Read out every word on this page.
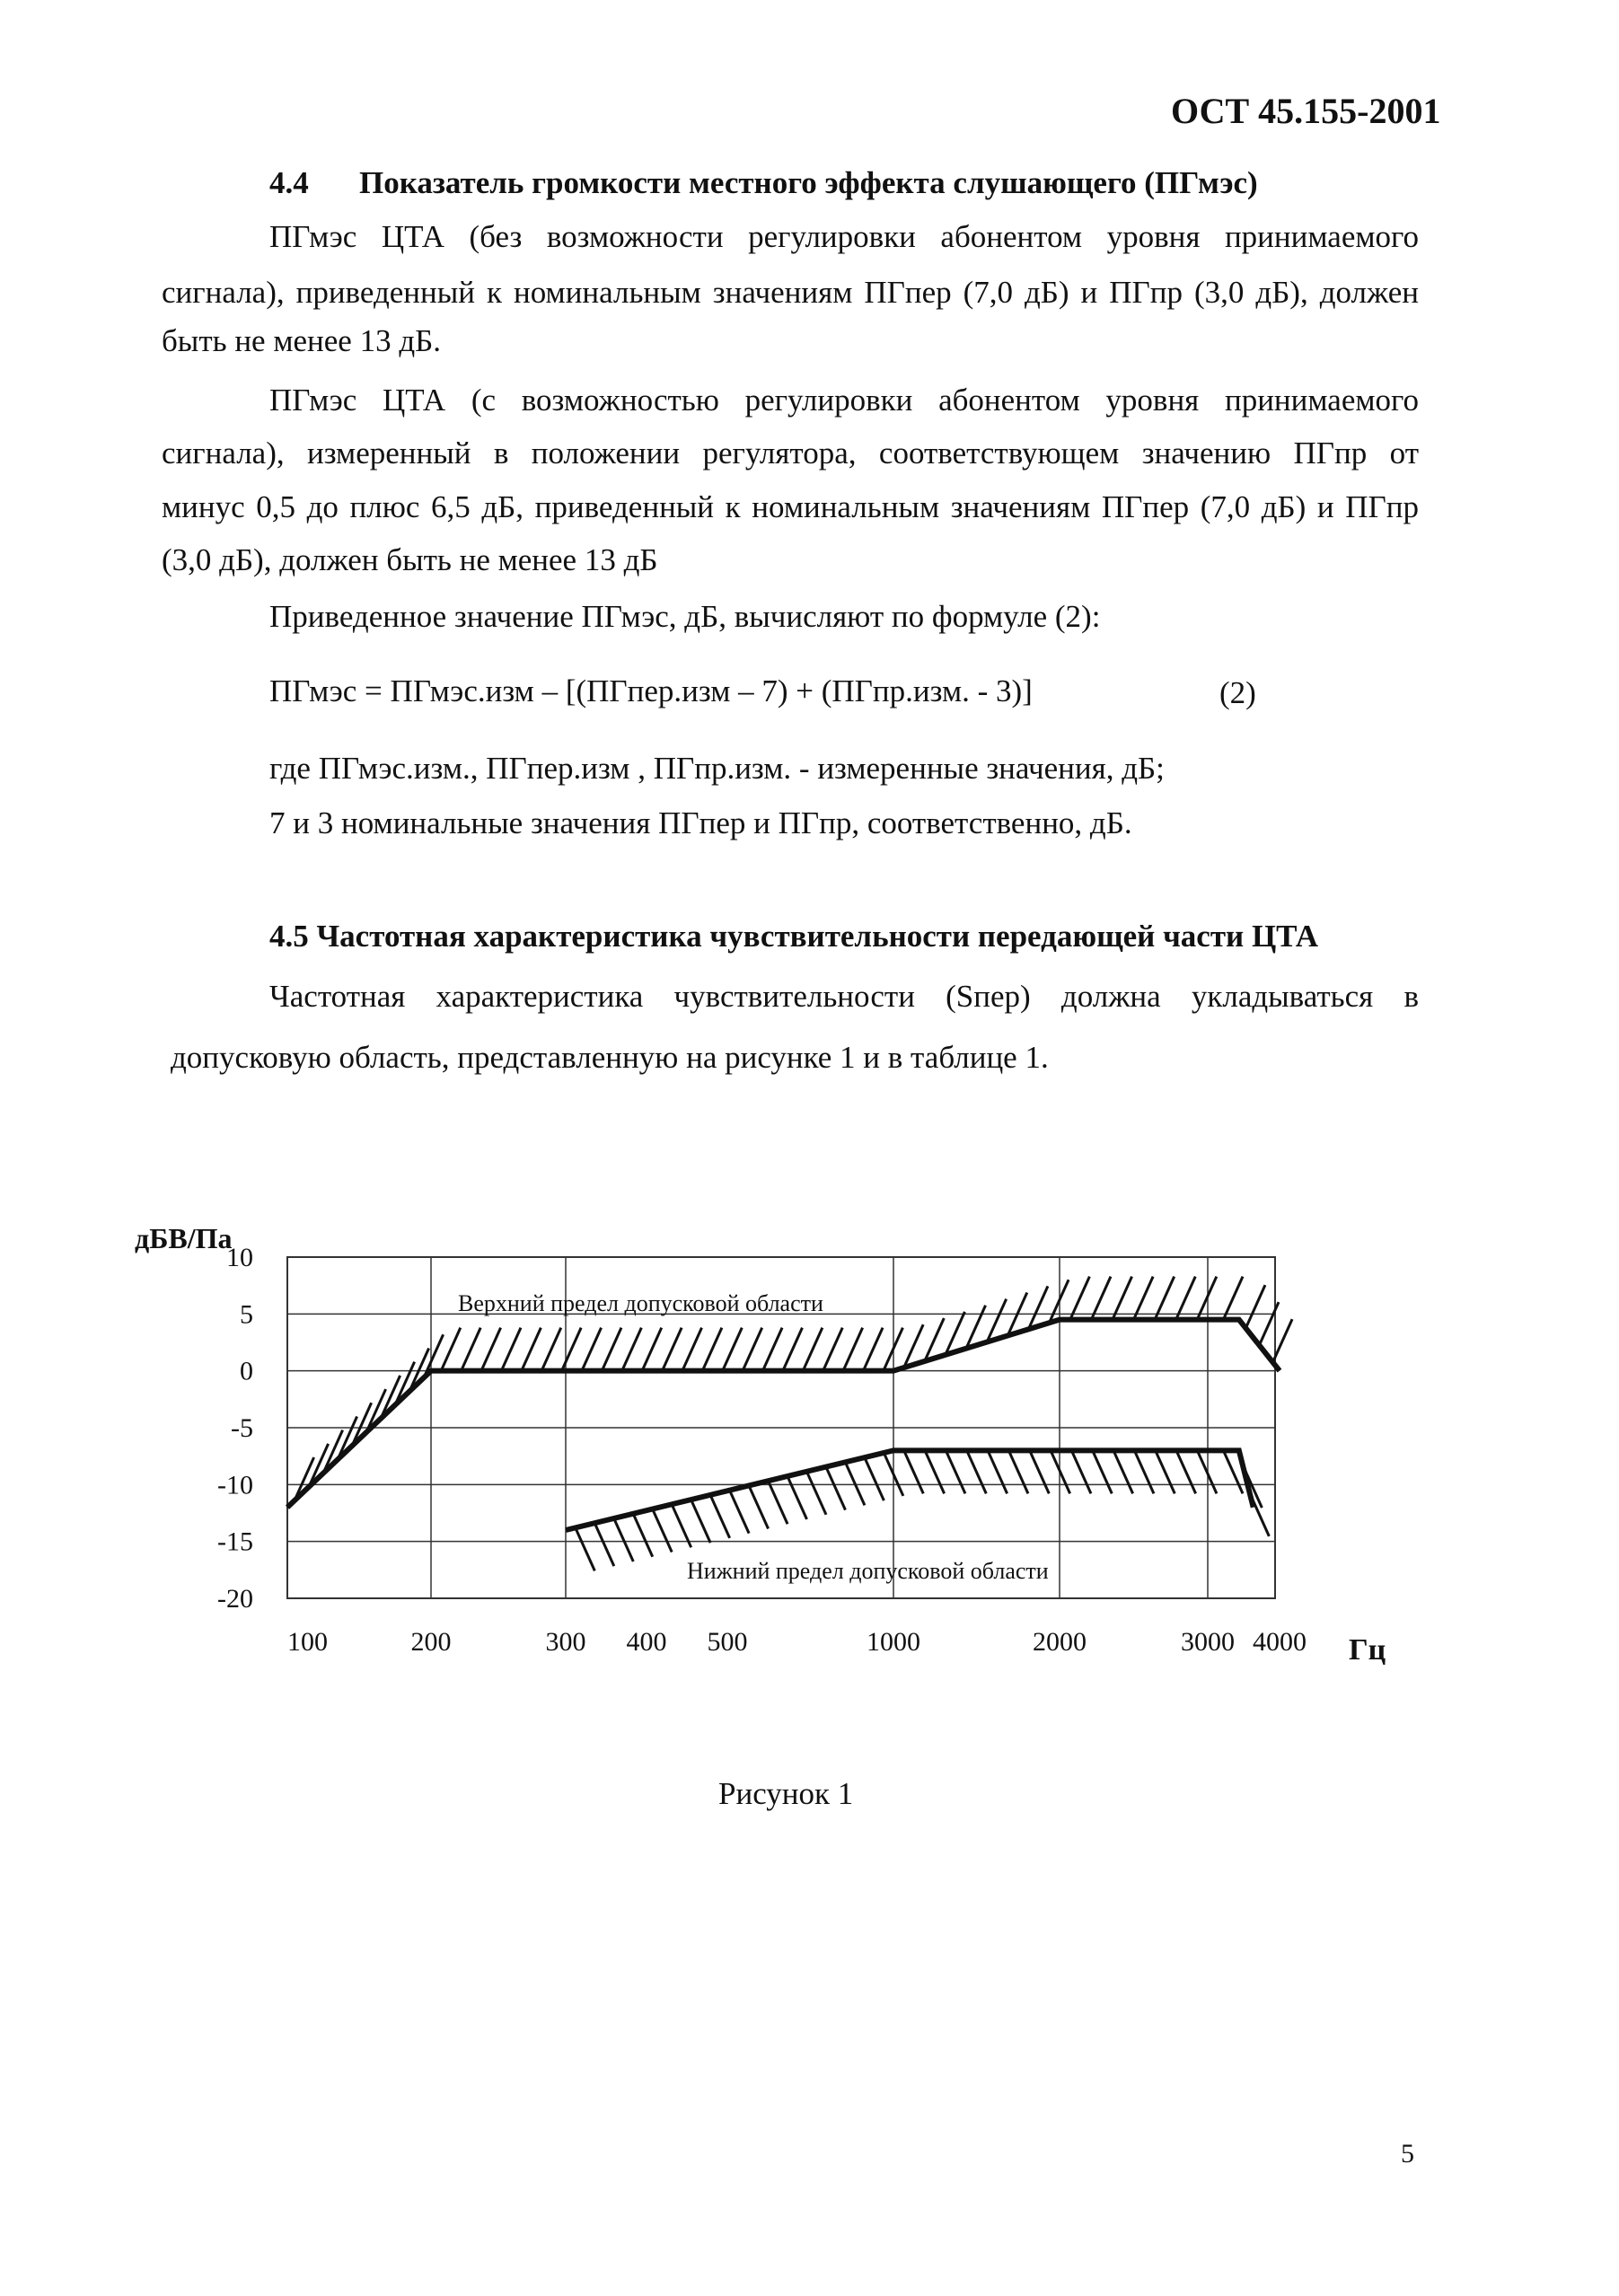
ОСТ 45.155-2001
4.4 Показатель громкости местного эффекта слушающего (ПГмэс)

ПГмэс ЦТА (без возможности регулировки абонентом уровня принимаемого

сигнала), приведенный к номинальным значениям ПГпер (7,0 дБ) и ПГпр (3,0 дБ), должен

быть не менее 13 дБ.

ПГмэс ЦТА (с возможностью регулировки абонентом уровня принимаемого

сигнала), измеренный в положении регулятора, соответствующем значению ПГпр от

минус 0,5 до плюс 6,5 дБ, приведенный к номинальным значениям ПГпер (7,0 дБ) и ПГпр

(3,0 дБ), должен быть не менее 13 дБ

Приведенное значение ПГмэс, дБ, вычисляют по формуле (2):

ПГмэс = ПГмэс.изм – [(ПГпер.изм – 7) + (ПГпр.изм. - 3)]	(2)

где ПГмэс.изм., ПГпер.изм , ПГпр.изм. - измеренные значения, дБ;

7 и 3 номинальные значения ПГпер и ПГпр, соответственно, дБ.

4.5 Частотная характеристика чувствительности передающей части ЦТА

Частотная характеристика чувствительности (Sпер) должна укладываться в

допусковую область, представленную на рисунке 1 и в таблице 1.

дБВ/Па
Гц
Верхний предел допусковой области
Нижний предел допусковой области
10
5
0
-5
-10
-15
-20
100	200	300 400 500	1000	2000	3000 4000
Рисунок 1
5
